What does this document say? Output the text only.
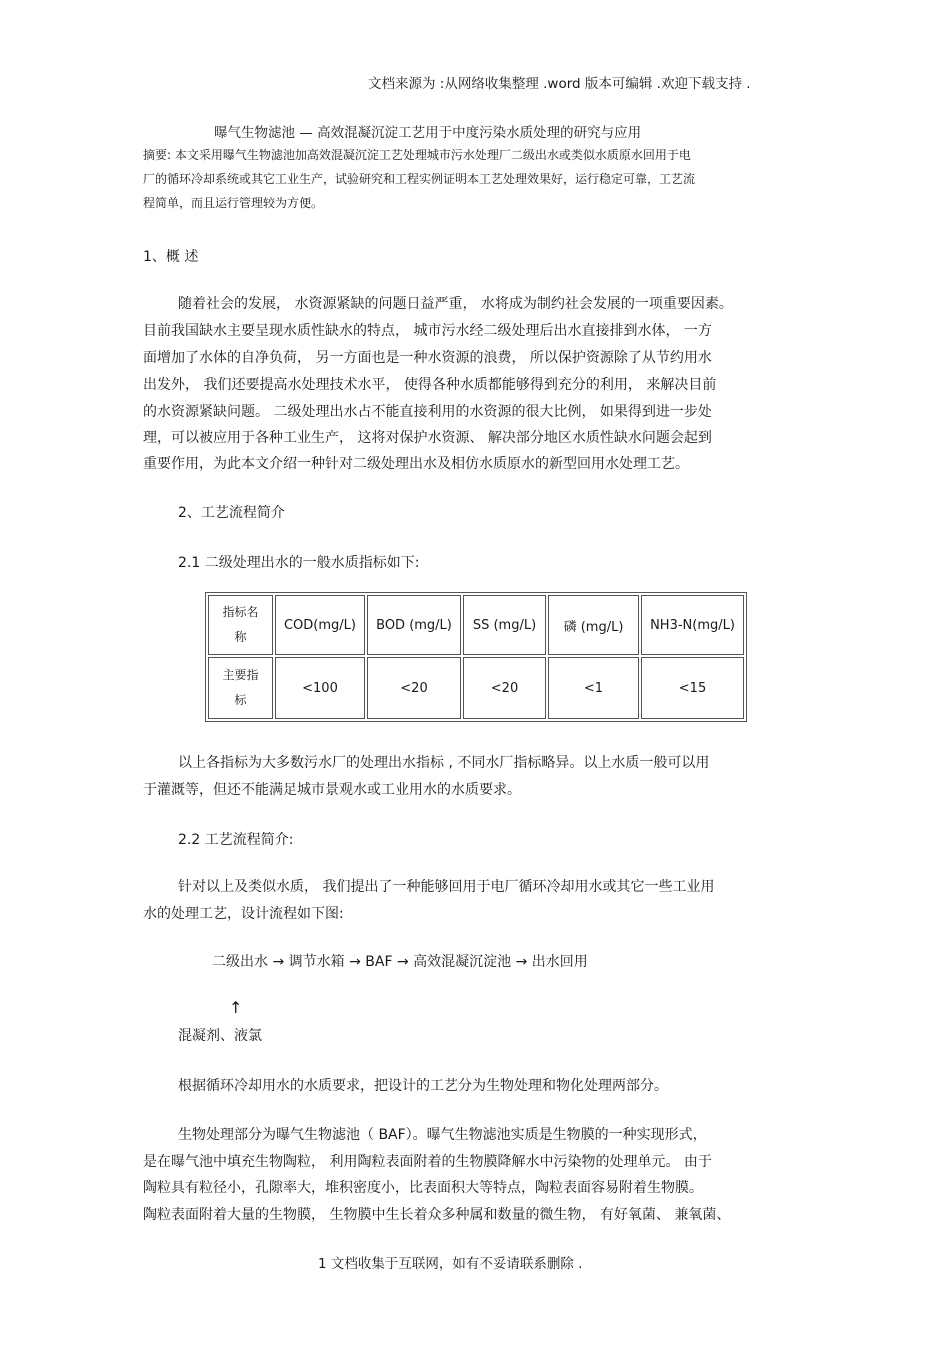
文档来源为 :从网络收集整理 .word 版本可编辑 .欢迎下载支持 .
曝气生物滤池 — 高效混凝沉淀工艺用于中度污染水质处理的研究与应用
摘要: 本文采用曝气生物滤池加高效混凝沉淀工艺处理城市污水处理厂二级出水或类似水质原水回用于电
厂的循环冷却系统或其它工业生产，试验研究和工程实例证明本工艺处理效果好，运行稳定可靠，工艺流
程简单，而且运行管理较为方便。
1、概 述
随着社会的发展， 水资源紧缺的问题日益严重， 水将成为制约社会发展的一项重要因素。
目前我国缺水主要呈现水质性缺水的特点， 城市污水经二级处理后出水直接排到水体， 一方
面增加了水体的自净负荷， 另一方面也是一种水资源的浪费， 所以保护资源除了从节约用水
出发外， 我们还要提高水处理技术水平， 使得各种水质都能够得到充分的利用， 来解决目前
的水资源紧缺问题。 二级处理出水占不能直接利用的水资源的很大比例， 如果得到进一步处
理，可以被应用于各种工业生产， 这将对保护水资源、 解决部分地区水质性缺水问题会起到
重要作用，为此本文介绍一种针对二级处理出水及相仿水质原水的新型回用水处理工艺。
2、工艺流程简介
2.1 二级处理出水的一般水质指标如下:
指标名
称	COD(mg/L)	BOD (mg/L)	SS (mg/L)	磷 (mg/L)	NH3-N(mg/L)

主要指
标	<100	<20	<20	<1	<15
以上各指标为大多数污水厂的处理出水指标 , 不同水厂指标略异。以上水质一般可以用
于灌溉等，但还不能满足城市景观水或工业用水的水质要求。
2.2 工艺流程简介:
针对以上及类似水质， 我们提出了一种能够回用于电厂循环冷却用水或其它一些工业用
水的处理工艺，设计流程如下图:
二级出水 → 调节水箱 → BAF → 高效混凝沉淀池 → 出水回用
↑
混凝剂、液氯
根据循环冷却用水的水质要求，把设计的工艺分为生物处理和物化处理两部分。
生物处理部分为曝气生物滤池（ BAF）。曝气生物滤池实质是生物膜的一种实现形式，
是在曝气池中填充生物陶粒， 利用陶粒表面附着的生物膜降解水中污染物的处理单元。 由于
陶粒具有粒径小，孔隙率大，堆积密度小，比表面积大等特点，陶粒表面容易附着生物膜。
陶粒表面附着大量的生物膜， 生物膜中生长着众多种属和数量的微生物， 有好氧菌、 兼氧菌、
1 文档收集于互联网，如有不妥请联系删除 .
